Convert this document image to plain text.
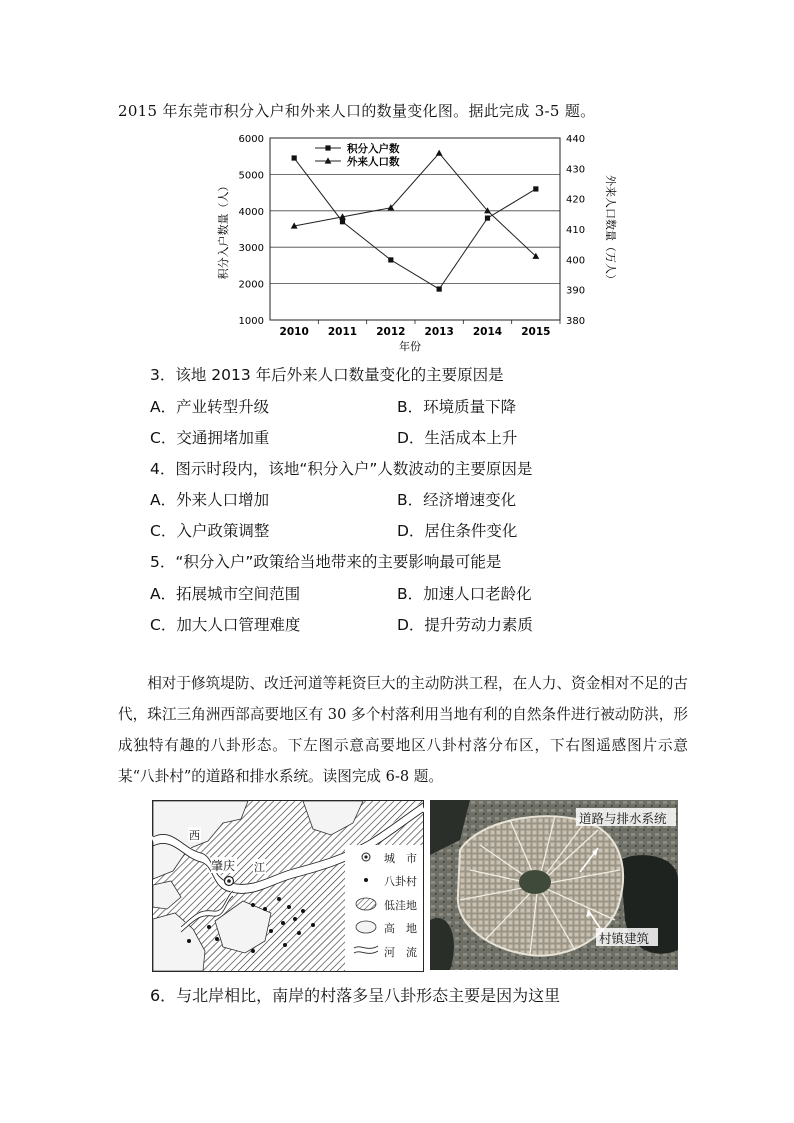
2015 年东莞市积分入户和外来人口的数量变化图。据此完成 3-5 题。
1000
2000
3000
4000
5000
6000
380
390
400
410
420
430
440
2010 2011 2012 2013 2014 2015
积分入户数
外来人口数
年份
积分入户数量（人）	外来人口数量（万人）
3．该地 2013 年后外来人口数量变化的主要原因是
A．产业转型升级	B．环境质量下降
C．交通拥堵加重	D．生活成本上升
4．图示时段内，该地“积分入户”人数波动的主要原因是
A．外来人口增加	B．经济增速变化
C．入户政策调整	D．居住条件变化
5．“积分入户”政策给当地带来的主要影响最可能是
A．拓展城市空间范围	B．加速人口老龄化
C．加大人口管理难度	D．提升劳动力素质

相对于修筑堤防、改迁河道等耗资巨大的主动防洪工程，在人力、资金相对不足的古代，珠江三角洲西部高要地区有 30 多个村落利用当地有利的自然条件进行被动防洪，形成独特有趣的八卦形态。下左图示意高要地区八卦村落分布区，下右图遥感图片示意某“八卦村”的道路和排水系统。读图完成 6-8 题。

肇庆
西
江
城　市
八卦村
低洼地
高　地
河　流
道路与排水系统
村镇建筑
6．与北岸相比，南岸的村落多呈八卦形态主要是因为这里
